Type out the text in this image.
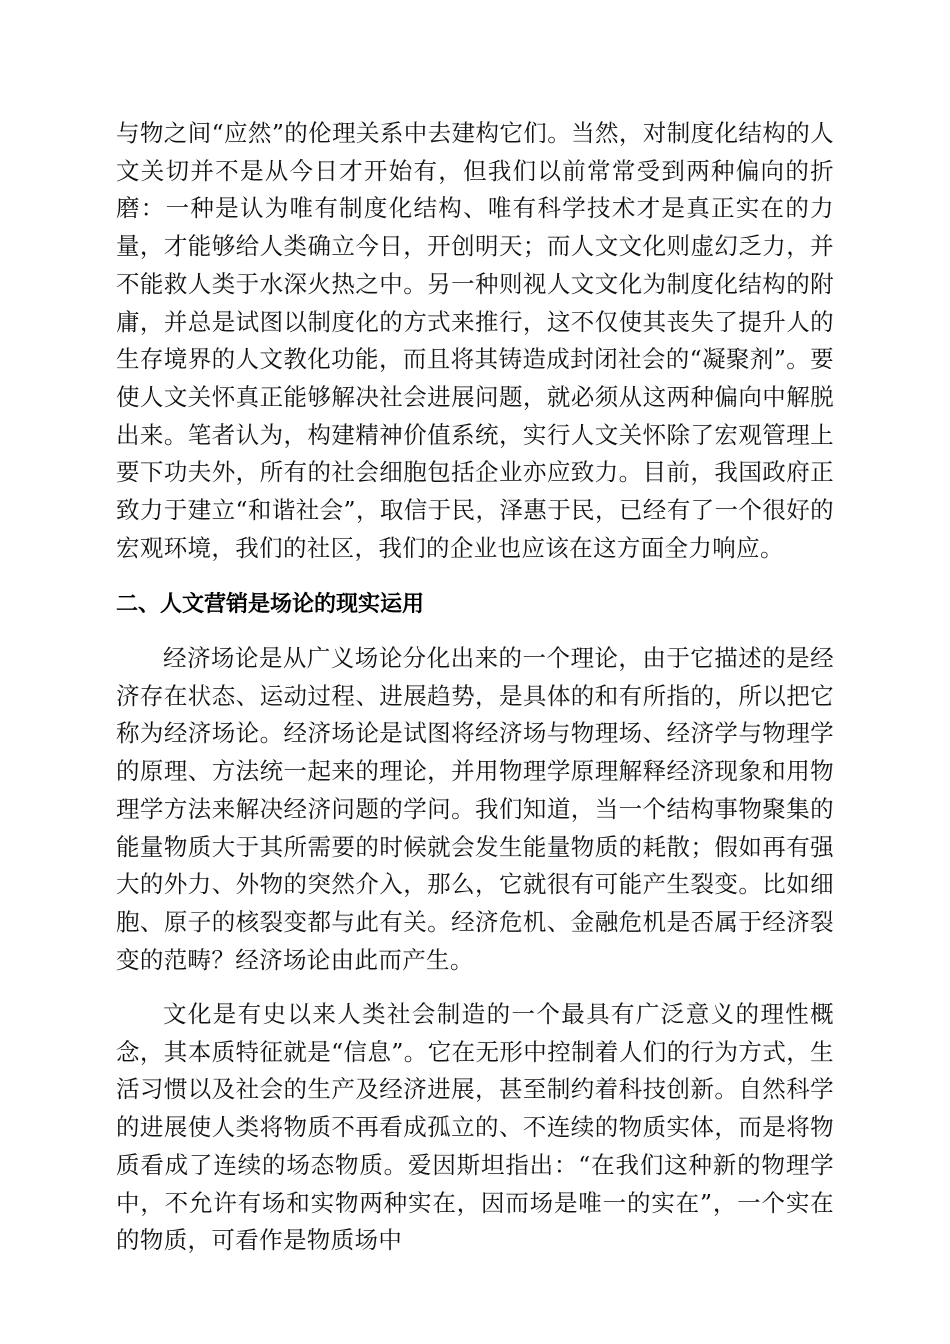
与物之间“应然”的伦理关系中去建构它们。当然，对制度化结构的人文关切并不是从今日才开始有，但我们以前常常受到两种偏向的折磨：一种是认为唯有制度化结构、唯有科学技术才是真正实在的力量，才能够给人类确立今日，开创明天；而人文文化则虚幻乏力，并不能救人类于水深火热之中。另一种则视人文文化为制度化结构的附庸，并总是试图以制度化的方式来推行，这不仅使其丧失了提升人的生存境界的人文教化功能，而且将其铸造成封闭社会的“凝聚剂”。要使人文关怀真正能够解决社会进展问题，就必须从这两种偏向中解脱出来。笔者认为，构建精神价值系统，实行人文关怀除了宏观管理上要下功夫外，所有的社会细胞包括企业亦应致力。目前，我国政府正致力于建立“和谐社会”，取信于民，泽惠于民，已经有了一个很好的宏观环境，我们的社区，我们的企业也应该在这方面全力响应。

二、人文营销是场论的现实运用

经济场论是从广义场论分化出来的一个理论，由于它描述的是经济存在状态、运动过程、进展趋势，是具体的和有所指的，所以把它称为经济场论。经济场论是试图将经济场与物理场、经济学与物理学的原理、方法统一起来的理论，并用物理学原理解释经济现象和用物理学方法来解决经济问题的学问。我们知道，当一个结构事物聚集的能量物质大于其所需要的时候就会发生能量物质的耗散；假如再有强大的外力、外物的突然介入，那么，它就很有可能产生裂变。比如细胞、原子的核裂变都与此有关。经济危机、金融危机是否属于经济裂变的范畴？经济场论由此而产生。

文化是有史以来人类社会制造的一个最具有广泛意义的理性概念，其本质特征就是“信息”。它在无形中控制着人们的行为方式，生活习惯以及社会的生产及经济进展，甚至制约着科技创新。自然科学的进展使人类将物质不再看成孤立的、不连续的物质实体，而是将物质看成了连续的场态物质。爱因斯坦指出：“在我们这种新的物理学中，不允许有场和实物两种实在，因而场是唯一的实在”，一个实在的物质，可看作是物质场中
